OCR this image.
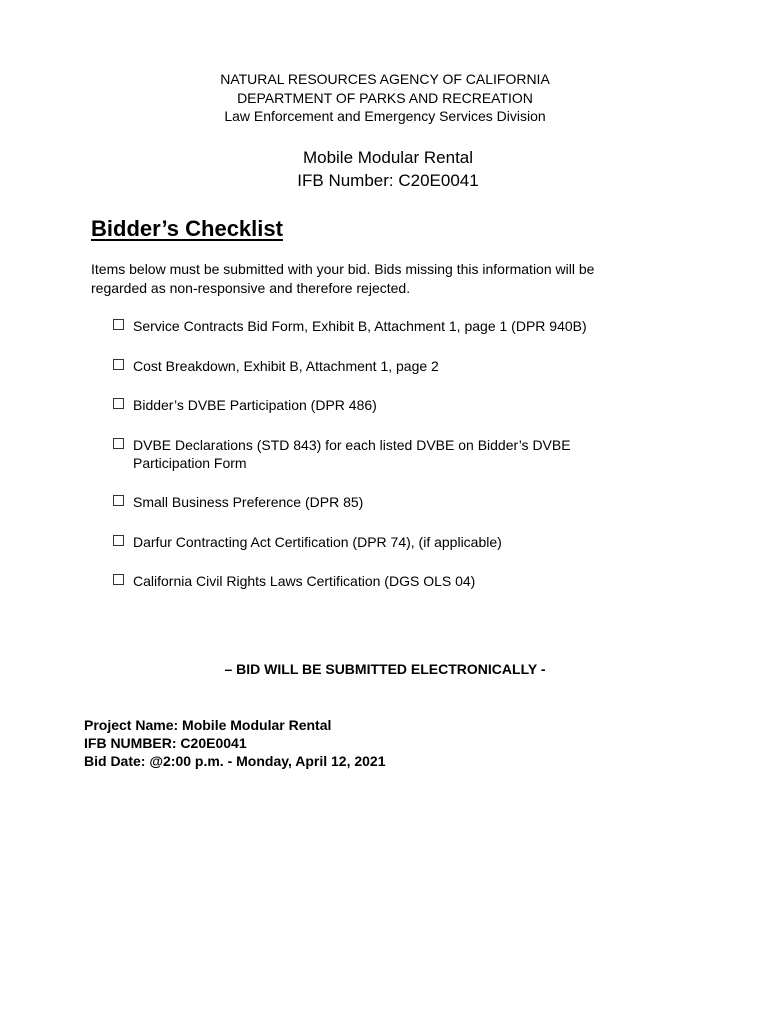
NATURAL RESOURCES AGENCY OF CALIFORNIA
DEPARTMENT OF PARKS AND RECREATION
Law Enforcement and Emergency Services Division
Mobile Modular Rental
IFB Number: C20E0041
Bidder’s Checklist
Items below must be submitted with your bid. Bids missing this information will be regarded as non-responsive and therefore rejected.
Service Contracts Bid Form, Exhibit B, Attachment 1, page 1 (DPR 940B)
Cost Breakdown, Exhibit B, Attachment 1, page 2
Bidder’s DVBE Participation (DPR 486)
DVBE Declarations (STD 843) for each listed DVBE on Bidder’s DVBE Participation Form
Small Business Preference (DPR 85)
Darfur Contracting Act Certification (DPR 74), (if applicable)
California Civil Rights Laws Certification (DGS OLS 04)
– BID WILL BE SUBMITTED ELECTRONICALLY -
Project Name: Mobile Modular Rental
IFB NUMBER: C20E0041
Bid Date: @2:00 p.m. - Monday, April 12, 2021
